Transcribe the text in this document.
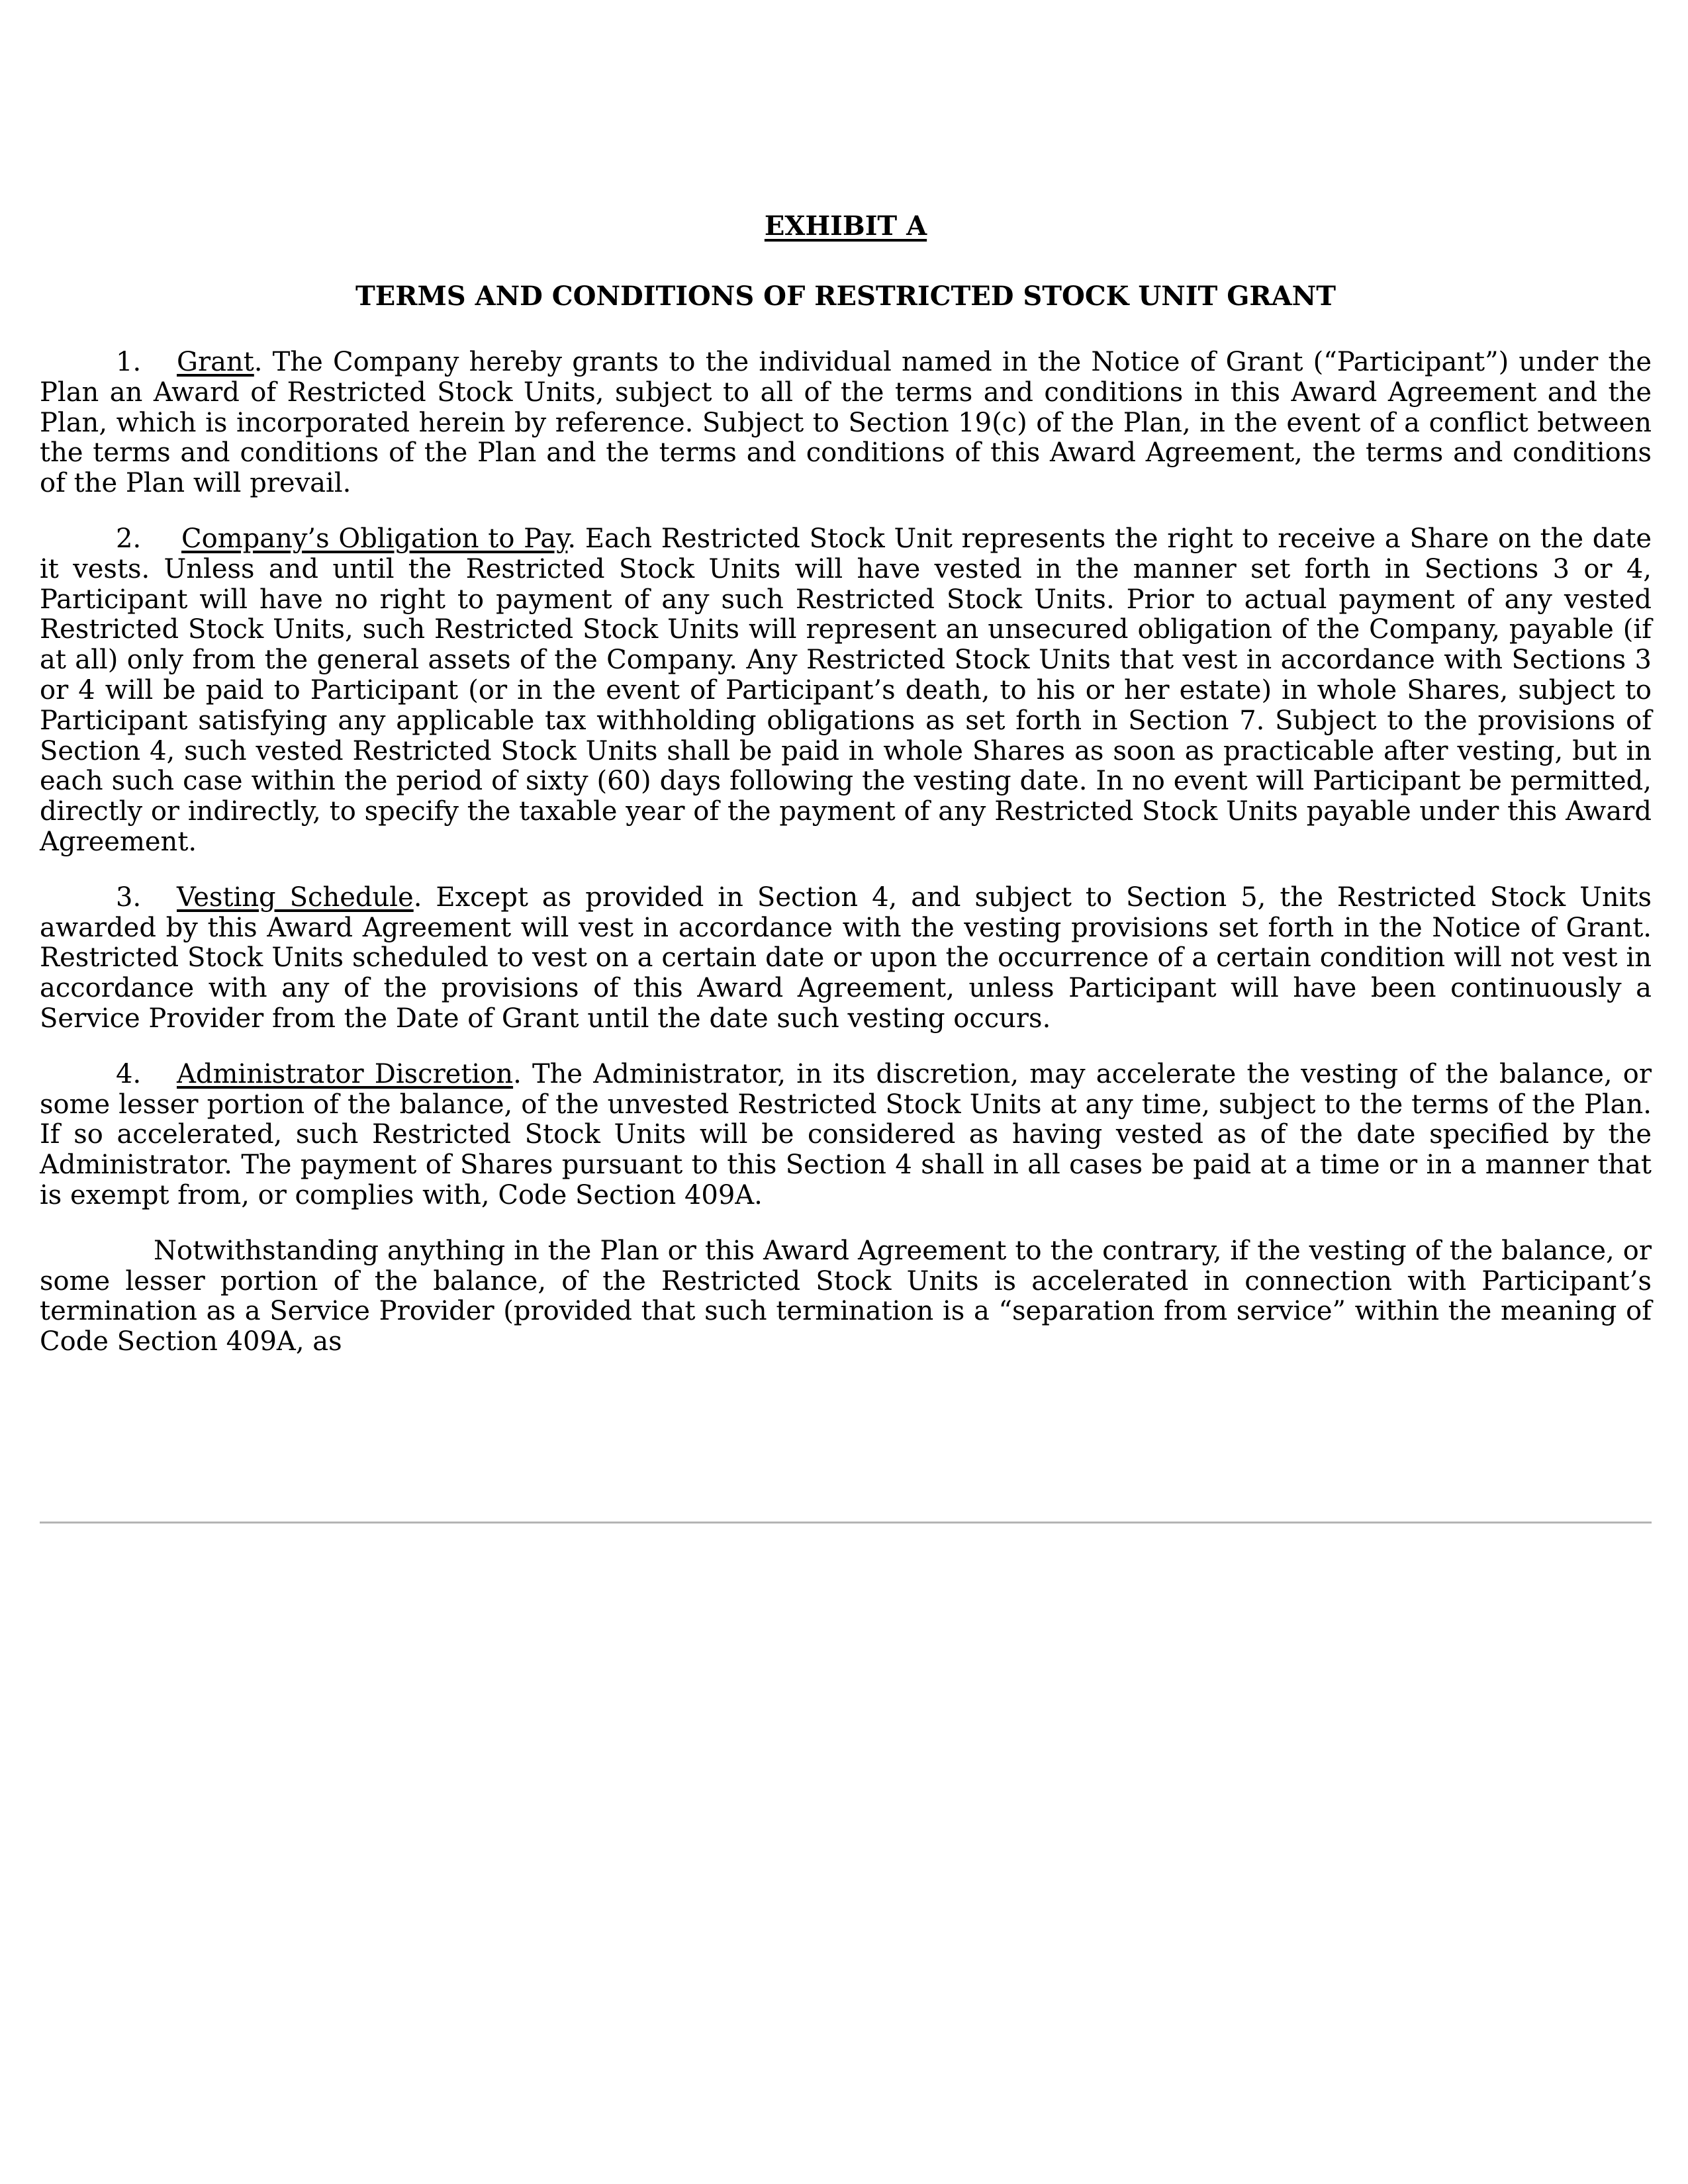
EXHIBIT A
TERMS AND CONDITIONS OF RESTRICTED STOCK UNIT GRANT

1. Grant. The Company hereby grants to the individual named in the Notice of Grant (“Participant”) under the Plan an Award of Restricted Stock Units, subject to all of the terms and conditions in this Award Agreement and the Plan, which is incorporated herein by reference. Subject to Section 19(c) of the Plan, in the event of a conflict between the terms and conditions of the Plan and the terms and conditions of this Award Agreement, the terms and conditions of the Plan will prevail.

2. Company’s Obligation to Pay. Each Restricted Stock Unit represents the right to receive a Share on the date it vests. Unless and until the Restricted Stock Units will have vested in the manner set forth in Sections 3 or 4, Participant will have no right to payment of any such Restricted Stock Units. Prior to actual payment of any vested Restricted Stock Units, such Restricted Stock Units will represent an unsecured obligation of the Company, payable (if at all) only from the general assets of the Company. Any Restricted Stock Units that vest in accordance with Sections 3 or 4 will be paid to Participant (or in the event of Participant’s death, to his or her estate) in whole Shares, subject to Participant satisfying any applicable tax withholding obligations as set forth in Section 7. Subject to the provisions of Section 4, such vested Restricted Stock Units shall be paid in whole Shares as soon as practicable after vesting, but in each such case within the period of sixty (60) days following the vesting date. In no event will Participant be permitted, directly or indirectly, to specify the taxable year of the payment of any Restricted Stock Units payable under this Award Agreement.

3. Vesting Schedule. Except as provided in Section 4, and subject to Section 5, the Restricted Stock Units awarded by this Award Agreement will vest in accordance with the vesting provisions set forth in the Notice of Grant. Restricted Stock Units scheduled to vest on a certain date or upon the occurrence of a certain condition will not vest in accordance with any of the provisions of this Award Agreement, unless Participant will have been continuously a Service Provider from the Date of Grant until the date such vesting occurs.

4. Administrator Discretion. The Administrator, in its discretion, may accelerate the vesting of the balance, or some lesser portion of the balance, of the unvested Restricted Stock Units at any time, subject to the terms of the Plan. If so accelerated, such Restricted Stock Units will be considered as having vested as of the date specified by the Administrator. The payment of Shares pursuant to this Section 4 shall in all cases be paid at a time or in a manner that is exempt from, or complies with, Code Section 409A.

Notwithstanding anything in the Plan or this Award Agreement to the contrary, if the vesting of the balance, or some lesser portion of the balance, of the Restricted Stock Units is accelerated in connection with Participant’s termination as a Service Provider (provided that such termination is a “separation from service” within the meaning of Code Section 409A, as
